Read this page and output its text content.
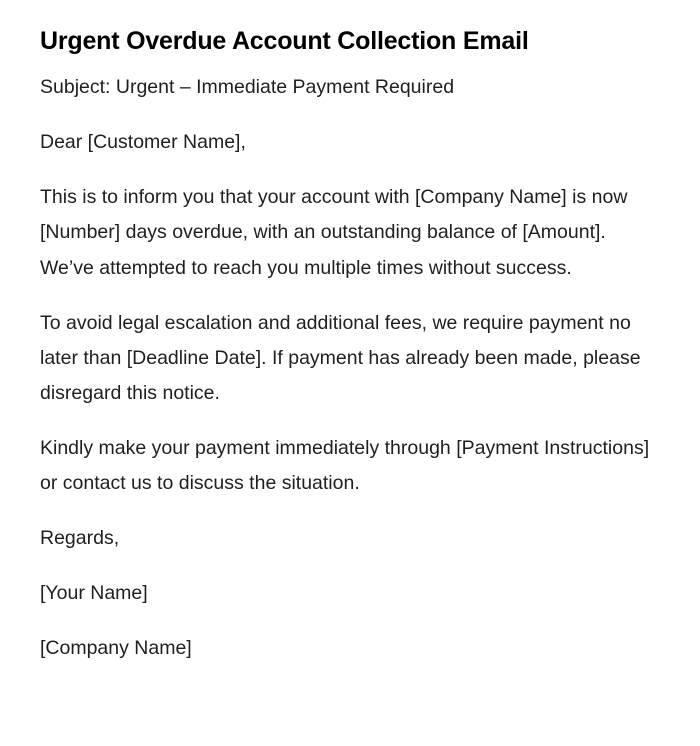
Urgent Overdue Account Collection Email

Subject: Urgent – Immediate Payment Required

Dear [Customer Name],

This is to inform you that your account with [Company Name] is now [Number] days overdue, with an outstanding balance of [Amount]. We’ve attempted to reach you multiple times without success.

To avoid legal escalation and additional fees, we require payment no later than [Deadline Date]. If payment has already been made, please disregard this notice.

Kindly make your payment immediately through [Payment Instructions] or contact us to discuss the situation.

Regards,

[Your Name]

[Company Name]
